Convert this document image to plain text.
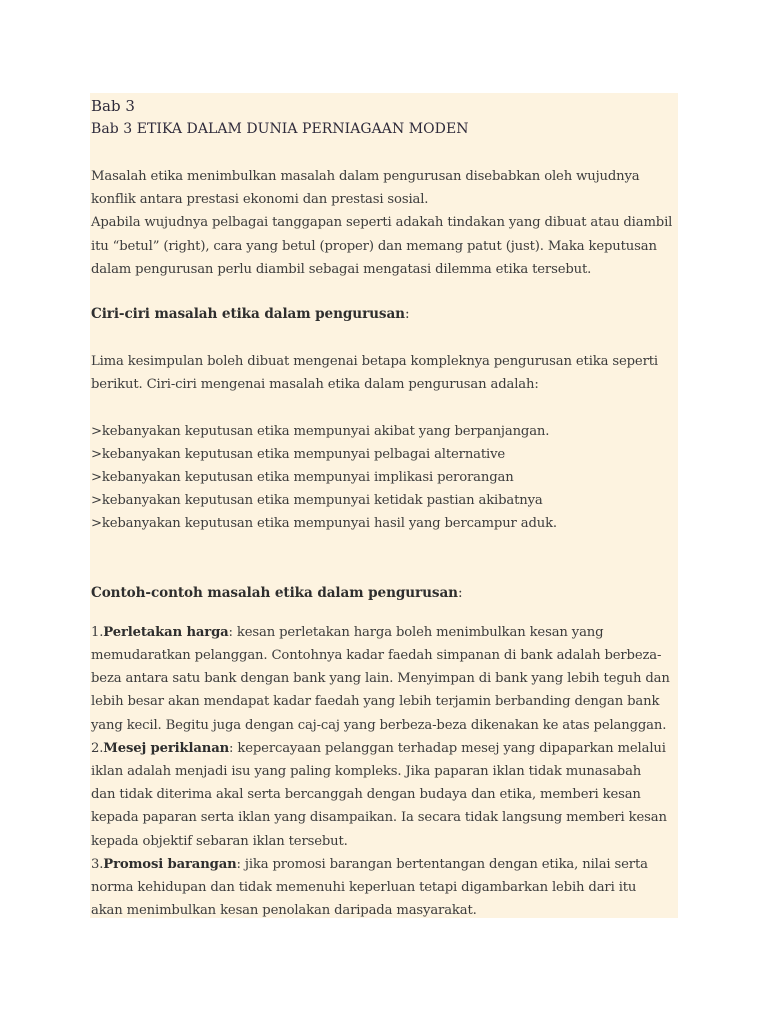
Bab 3

Bab 3 ETIKA DALAM DUNIA PERNIAGAAN MODEN

Masalah etika menimbulkan masalah dalam pengurusan disebabkan oleh wujudnya
konflik antara prestasi ekonomi dan prestasi sosial.
Apabila wujudnya pelbagai tanggapan seperti adakah tindakan yang dibuat atau diambil
itu “betul” (right), cara yang betul (proper) dan memang patut (just). Maka keputusan
dalam pengurusan perlu diambil sebagai mengatasi dilemma etika tersebut.

Ciri-ciri masalah etika dalam pengurusan:

Lima kesimpulan boleh dibuat mengenai betapa kompleknya pengurusan etika seperti
berikut. Ciri-ciri mengenai masalah etika dalam pengurusan adalah:
>kebanyakan keputusan etika mempunyai akibat yang berpanjangan.
>kebanyakan keputusan etika mempunyai pelbagai alternative
>kebanyakan keputusan etika mempunyai implikasi perorangan
>kebanyakan keputusan etika mempunyai ketidak pastian akibatnya
>kebanyakan keputusan etika mempunyai hasil yang bercampur aduk.

Contoh-contoh masalah etika dalam pengurusan:

1.Perletakan harga: kesan perletakan harga boleh menimbulkan kesan yang
memudaratkan pelanggan. Contohnya kadar faedah simpanan di bank adalah berbeza-
beza antara satu bank dengan bank yang lain. Menyimpan di bank yang lebih teguh dan
lebih besar akan mendapat kadar faedah yang lebih terjamin berbanding dengan bank
yang kecil. Begitu juga dengan caj-caj yang berbeza-beza dikenakan ke atas pelanggan.
2.Mesej periklanan: kepercayaan pelanggan terhadap mesej yang dipaparkan melalui
iklan adalah menjadi isu yang paling kompleks. Jika paparan iklan tidak munasabah
dan tidak diterima akal serta bercanggah dengan budaya dan etika, memberi kesan
kepada paparan serta iklan yang disampaikan. Ia secara tidak langsung memberi kesan
kepada objektif sebaran iklan tersebut.
3.Promosi barangan: jika promosi barangan bertentangan dengan etika, nilai serta
norma kehidupan dan tidak memenuhi keperluan tetapi digambarkan lebih dari itu
akan menimbulkan kesan penolakan daripada masyarakat.
